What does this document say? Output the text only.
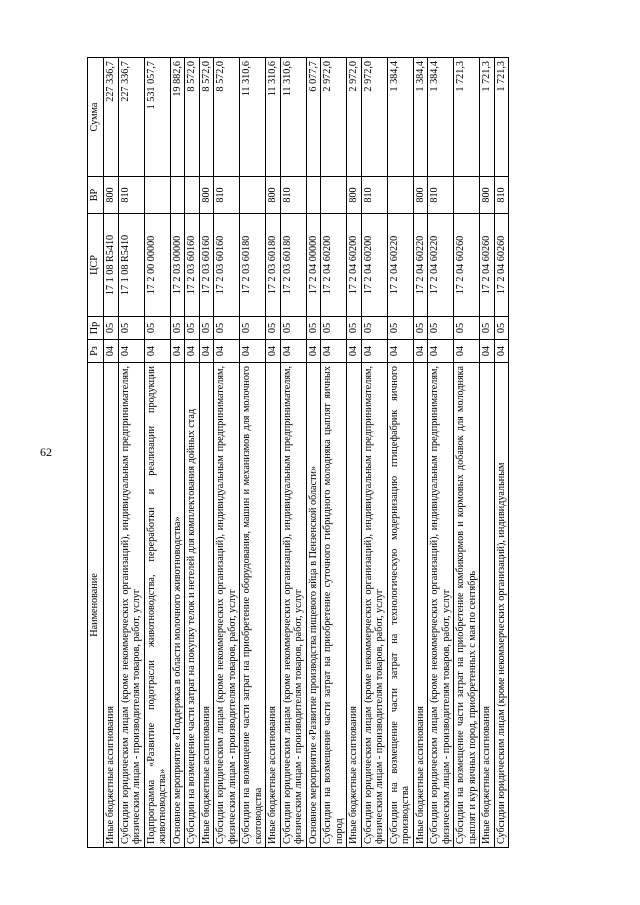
62
Наименование	Рз	Пр	ЦСР	ВР	Сумма
Иные бюджетные ассигнования	04	05	17 1 08 R5410	800	227 336,7
Субсидии юридическим лицам (кроме некоммерческих организаций), индивидуальным предпринимателям, физическим лицам - производителям товаров, работ, услуг	04	05	17 1 08 R5410	810	227 336,7
Подпрограмма «Развитие подотрасли животноводства, переработки и реализации продукции животноводства»	04	05	17 2 00 00000		1 531 057,7
Основное мероприятие «Поддержка в области молочного животноводства»	04	05	17 2 03 00000		19 882,6
Субсидии на возмещение части затрат на покупку телок и нетелей для комплектования дойных стад	04	05	17 2 03 60160		8 572,0
Иные бюджетные ассигнования	04	05	17 2 03 60160	800	8 572,0
Субсидии юридическим лицам (кроме некоммерческих организаций), индивидуальным предпринимателям, физическим лицам - производителям товаров, работ, услуг	04	05	17 2 03 60160	810	8 572,0
Субсидии на возмещение части затрат на приобретение оборудования, машин и механизмов для молочного скотоводства	04	05	17 2 03 60180		11 310,6
Иные бюджетные ассигнования	04	05	17 2 03 60180	800	11 310,6
Субсидии юридическим лицам (кроме некоммерческих организаций), индивидуальным предпринимателям, физическим лицам - производителям товаров, работ, услуг	04	05	17 2 03 60180	810	11 310,6
Основное мероприятие «Развитие производства пищевого яйца в Пензенской области»	04	05	17 2 04 00000		6 077,7
Субсидии на возмещение части затрат на приобретение суточного гибридного молодняка цыплят яичных пород	04	05	17 2 04 60200		2 972,0
Иные бюджетные ассигнования	04	05	17 2 04 60200	800	2 972,0
Субсидии юридическим лицам (кроме некоммерческих организаций), индивидуальным предпринимателям, физическим лицам - производителям товаров, работ, услуг	04	05	17 2 04 60200	810	2 972,0
Субсидии на возмещение части затрат на технологическую модернизацию птицефабрик яичного производства	04	05	17 2 04 60220		1 384,4
Иные бюджетные ассигнования	04	05	17 2 04 60220	800	1 384,4
Субсидии юридическим лицам (кроме некоммерческих организаций), индивидуальным предпринимателям, физическим лицам - производителям товаров, работ, услуг	04	05	17 2 04 60220	810	1 384,4
Субсидии на возмещение части затрат на приобретение комбикормов и кормовых добавок для молодняка цыплят и кур яичных пород, приобретенных с мая по сентябрь	04	05	17 2 04 60260		1 721,3
Иные бюджетные ассигнования	04	05	17 2 04 60260	800	1 721,3
Субсидии юридическим лицам (кроме некоммерческих организаций), индивидуальным	04	05	17 2 04 60260	810	1 721,3
